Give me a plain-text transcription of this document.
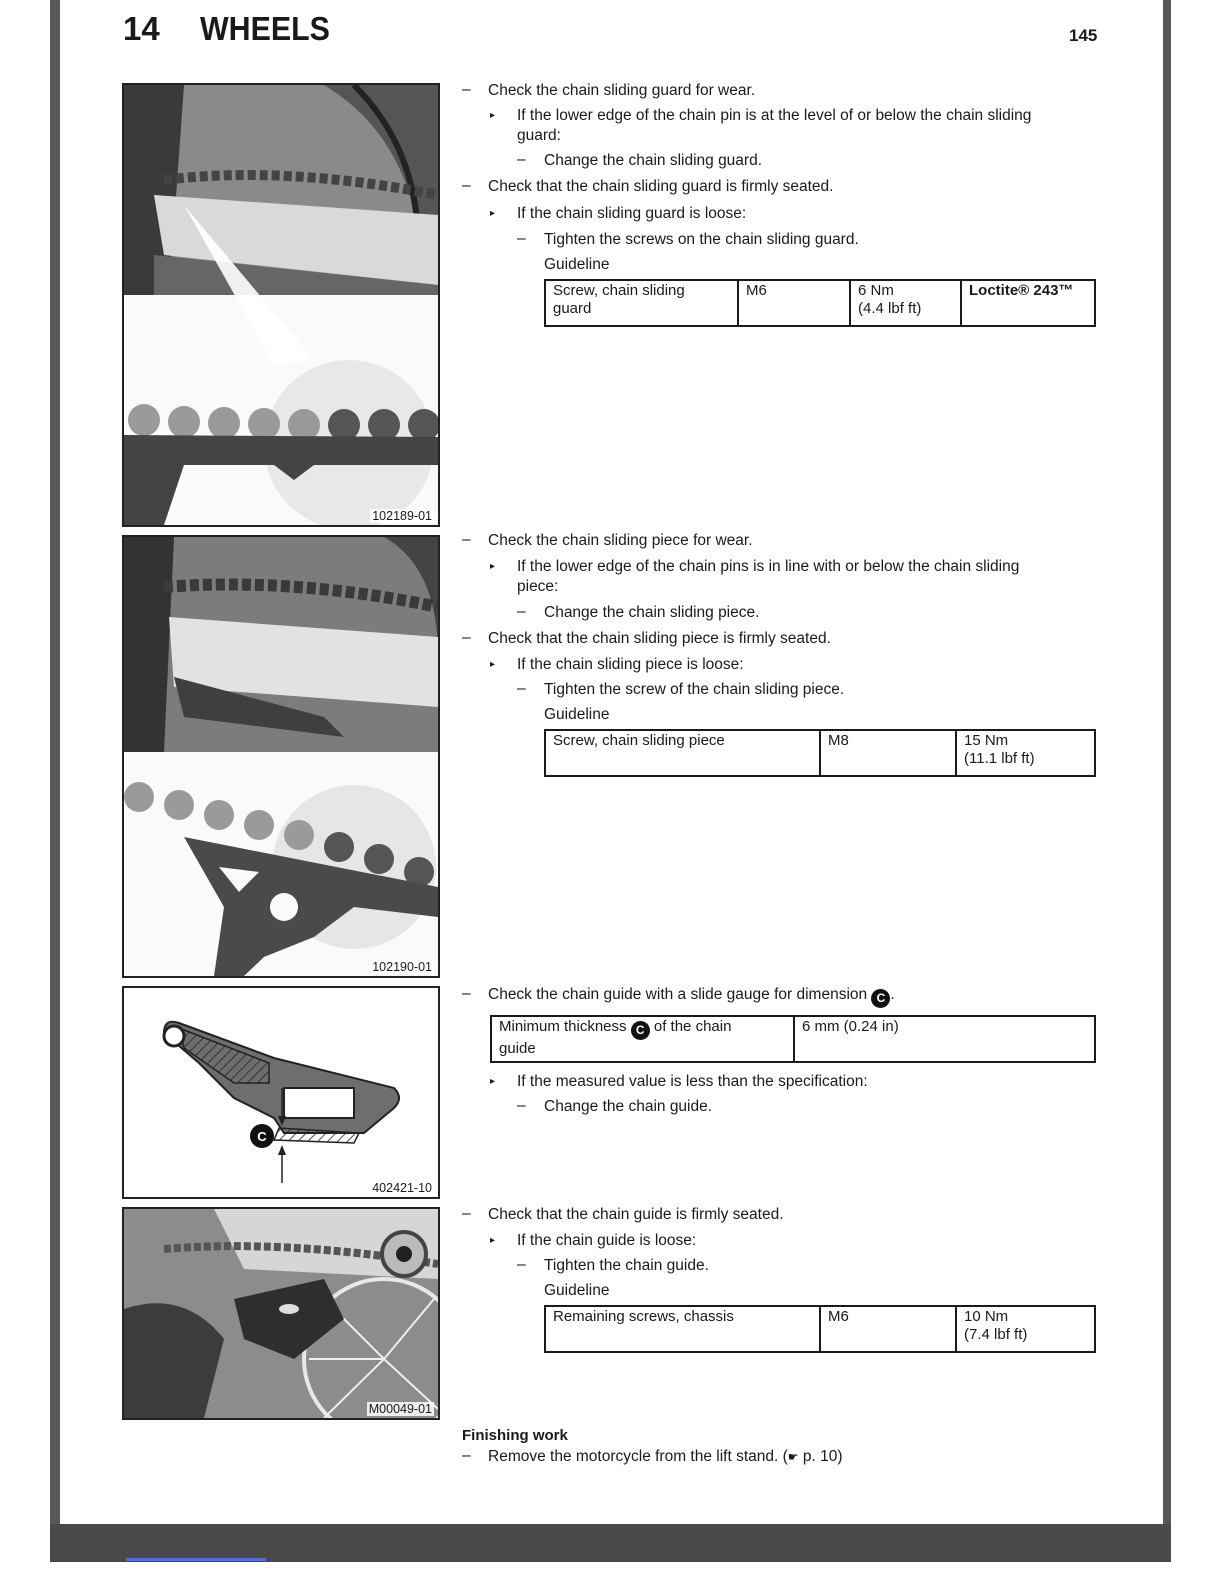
14 WHEELS	145
102189-01
102190-01
C
402421-10
M00049-01
– Check the chain sliding guard for wear.
▸ If the lower edge of the chain pin is at the level of or below the chain sliding
guard:
– Change the chain sliding guard.
– Check that the chain sliding guard is firmly seated.
▸ If the chain sliding guard is loose:
– Tighten the screws on the chain sliding guard.
Guideline
Screw, chain sliding
guard
	M6	6 Nm
(4.4 lbf ft)
	Loctite® 243™
– Check the chain sliding piece for wear.
▸ If the lower edge of the chain pins is in line with or below the chain sliding
piece:
– Change the chain sliding piece.
– Check that the chain sliding piece is firmly seated.
▸ If the chain sliding piece is loose:
– Tighten the screw of the chain sliding piece.
Guideline
Screw, chain sliding piece	M8	15 Nm
(11.1 lbf ft)
– Check the chain guide with a slide gauge for dimension C .
Minimum thickness C of the chain
guide
	6 mm (0.24 in)
▸ If the measured value is less than the specification:
– Change the chain guide.
– Check that the chain guide is firmly seated.
▸ If the chain guide is loose:
– Tighten the chain guide.
Guideline
Remaining screws, chassis	M6	10 Nm
(7.4 lbf ft)
Finishing work
– Remove the motorcycle from the lift stand. (☛ p. 10)
